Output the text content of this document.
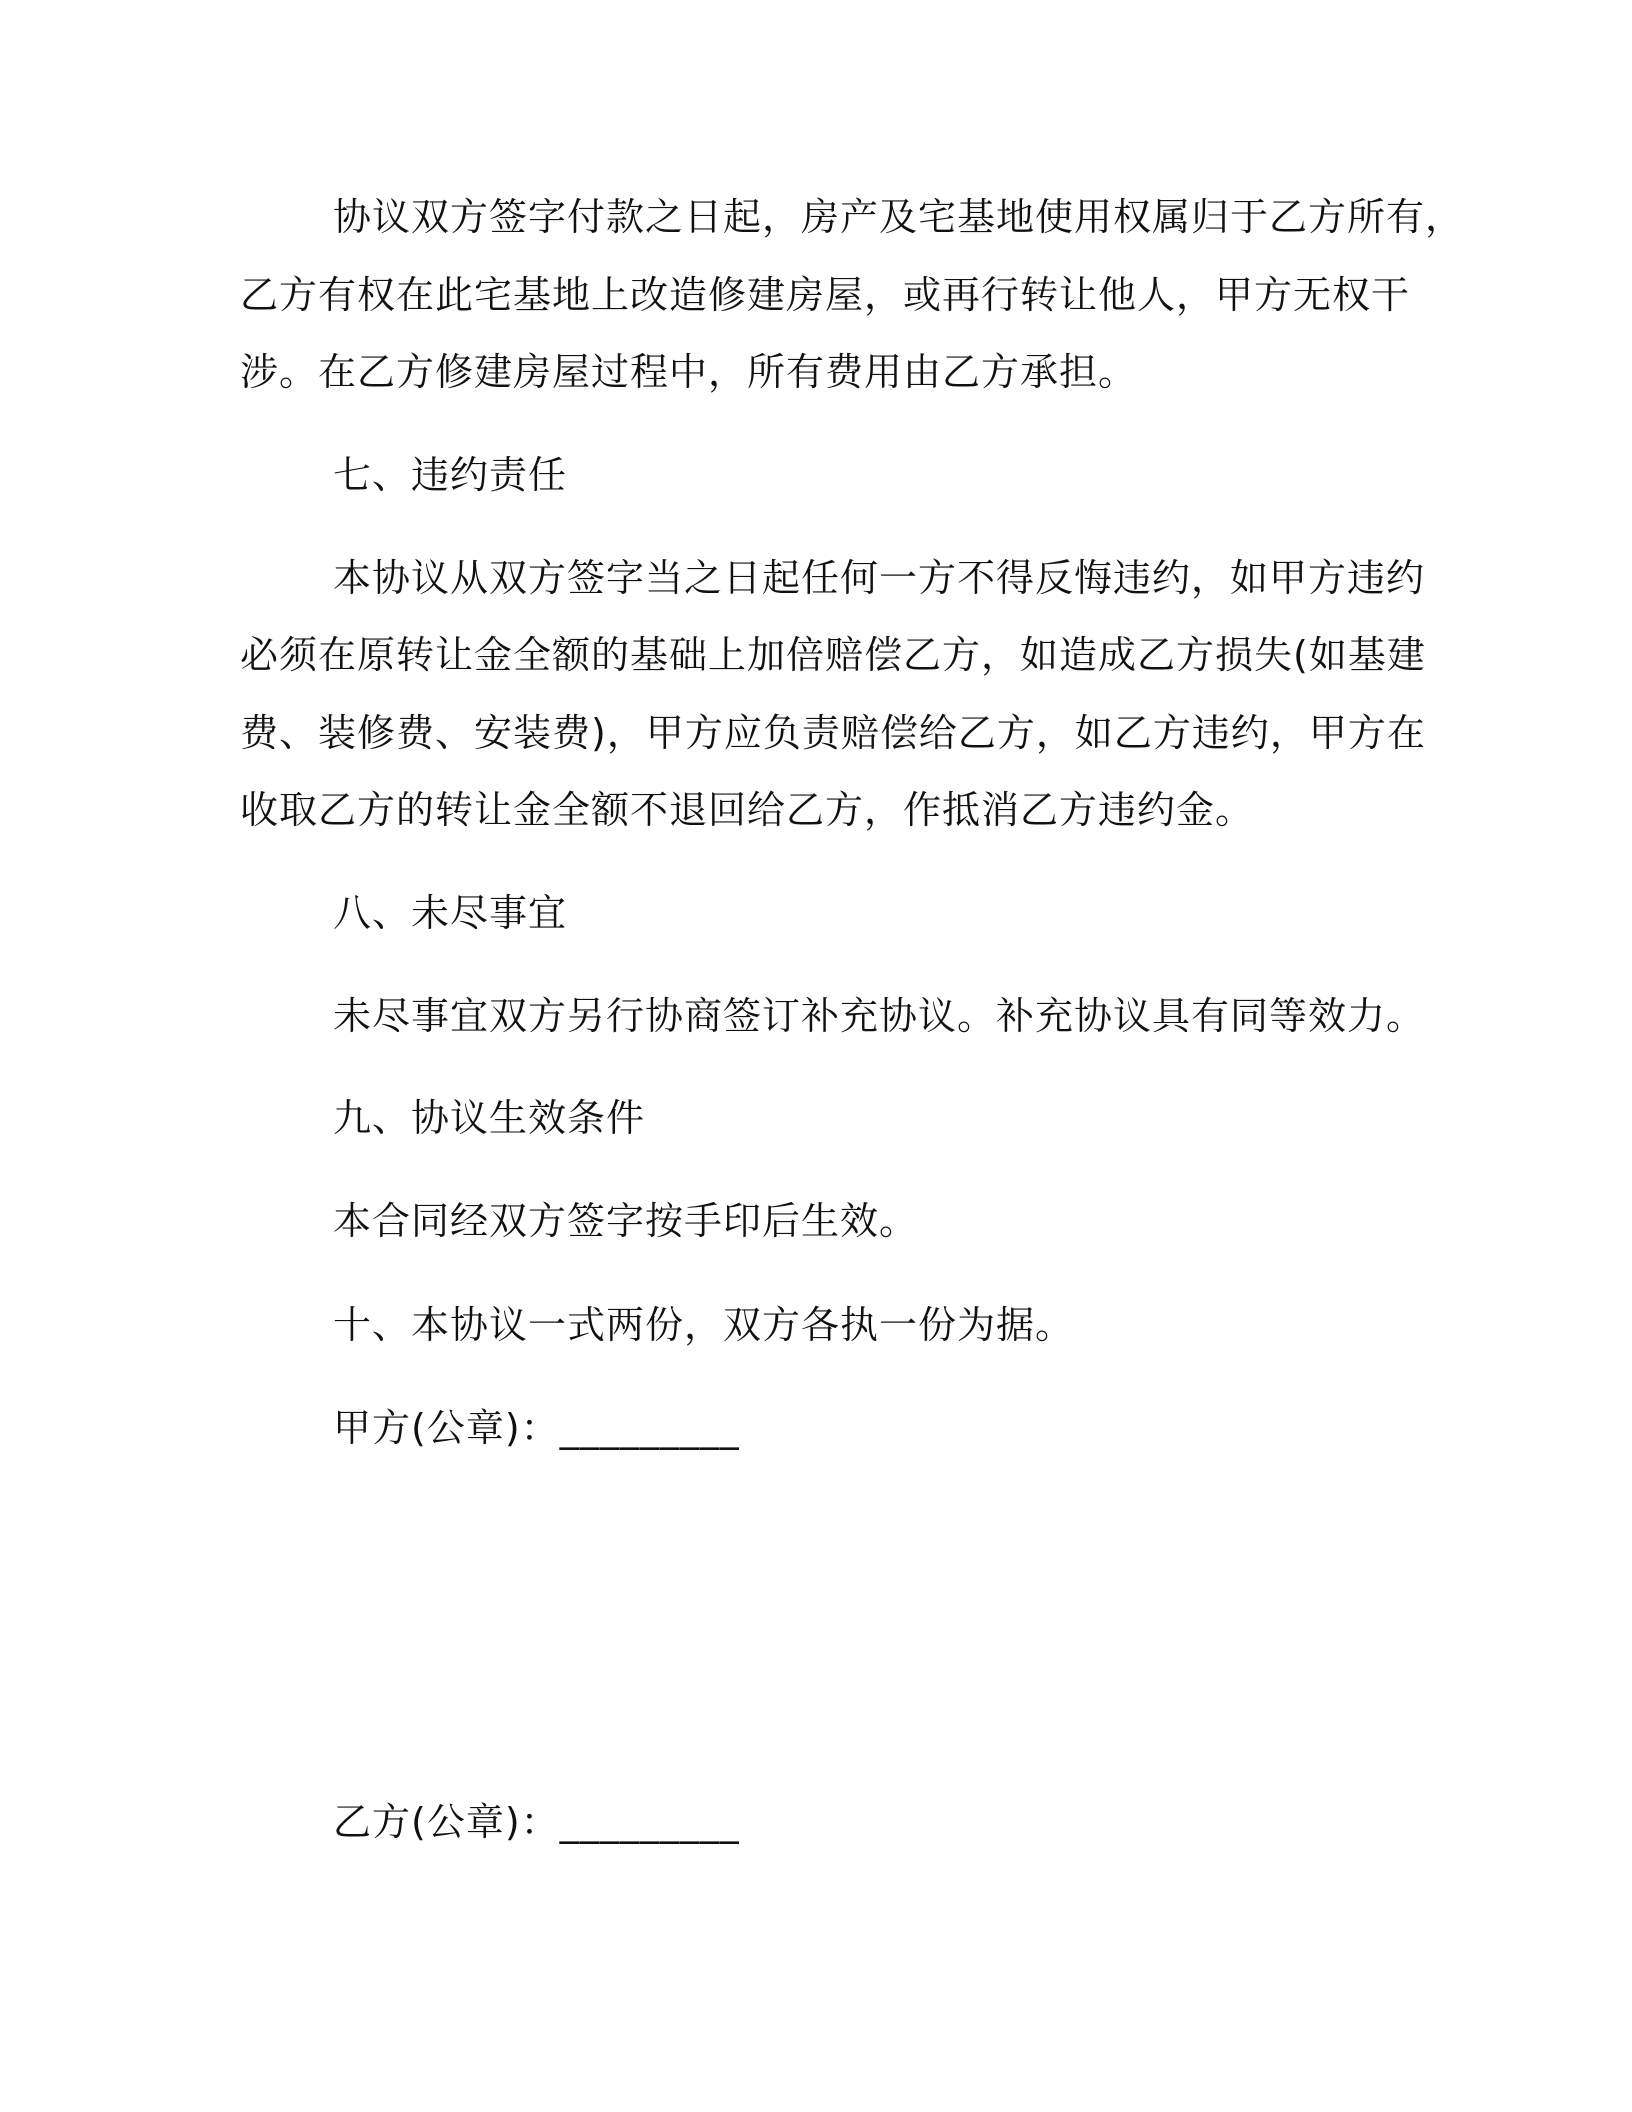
协议双方签字付款之日起，房产及宅基地使用权属归于乙方所有，
乙方有权在此宅基地上改造修建房屋，或再行转让他人，甲方无权干
涉。在乙方修建房屋过程中，所有费用由乙方承担。
七、违约责任
本协议从双方签字当之日起任何一方不得反悔违约，如甲方违约
必须在原转让金全额的基础上加倍赔偿乙方，如造成乙方损失(如基建
费、装修费、安装费)，甲方应负责赔偿给乙方，如乙方违约，甲方在
收取乙方的转让金全额不退回给乙方，作抵消乙方违约金。
八、未尽事宜
未尽事宜双方另行协商签订补充协议。补充协议具有同等效力。
九、协议生效条件
本合同经双方签字按手印后生效。
十、本协议一式两份，双方各执一份为据。
甲方(公章)：_________
乙方(公章)：_________
